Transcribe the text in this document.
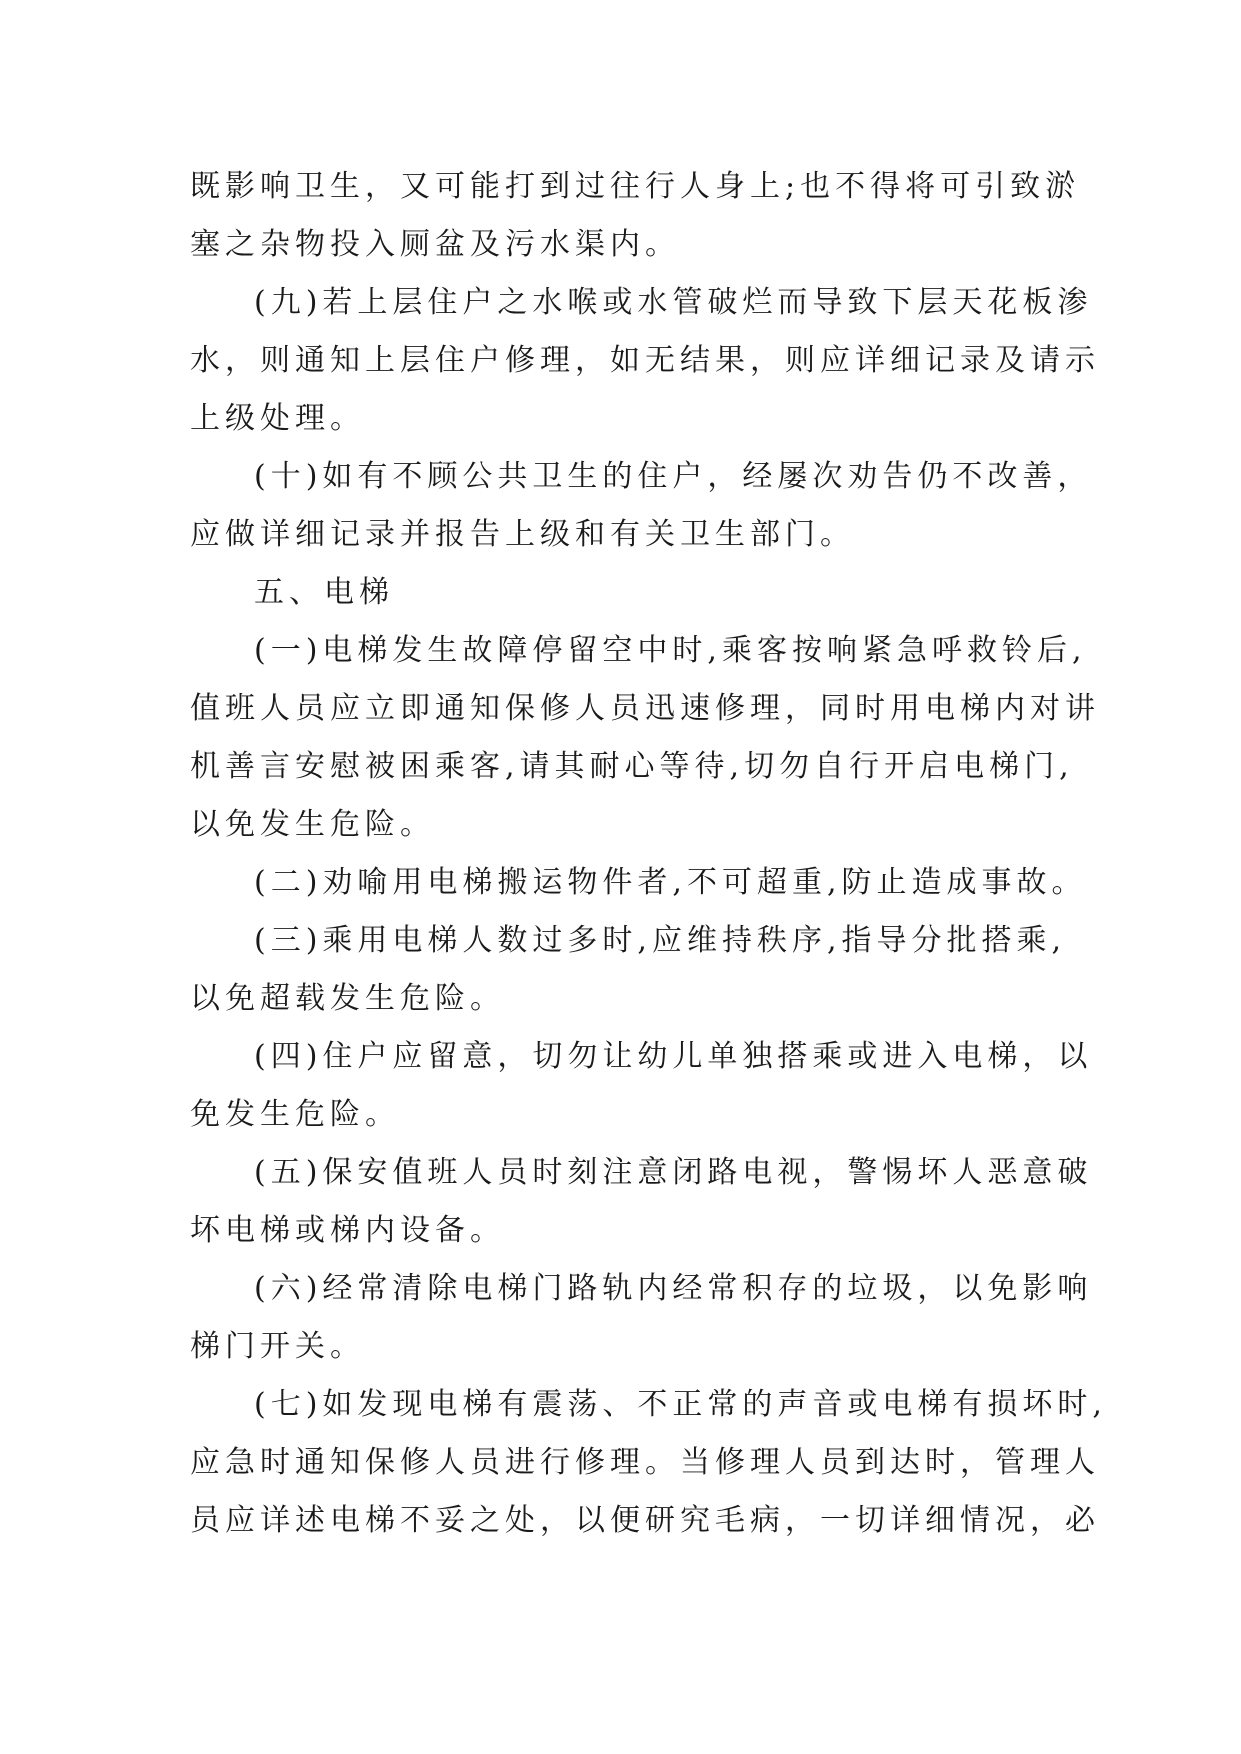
既影响卫生，又可能打到过往行人身上;也不得将可引致淤
塞之杂物投入厕盆及污水渠内。
(九)若上层住户之水喉或水管破烂而导致下层天花板渗
水，则通知上层住户修理，如无结果，则应详细记录及请示
上级处理。
(十)如有不顾公共卫生的住户，经屡次劝告仍不改善，
应做详细记录并报告上级和有关卫生部门。
五、电梯
(一)电梯发生故障停留空中时,乘客按响紧急呼救铃后,
值班人员应立即通知保修人员迅速修理，同时用电梯内对讲
机善言安慰被困乘客,请其耐心等待,切勿自行开启电梯门,
以免发生危险。
(二)劝喻用电梯搬运物件者,不可超重,防止造成事故。
(三)乘用电梯人数过多时,应维持秩序,指导分批搭乘,
以免超载发生危险。
(四)住户应留意，切勿让幼儿单独搭乘或进入电梯，以
免发生危险。
(五)保安值班人员时刻注意闭路电视，警惕坏人恶意破
坏电梯或梯内设备。
(六)经常清除电梯门路轨内经常积存的垃圾，以免影响
梯门开关。
(七)如发现电梯有震荡、不正常的声音或电梯有损坏时,
应急时通知保修人员进行修理。当修理人员到达时，管理人
员应详述电梯不妥之处，以便研究毛病，一切详细情况，必
